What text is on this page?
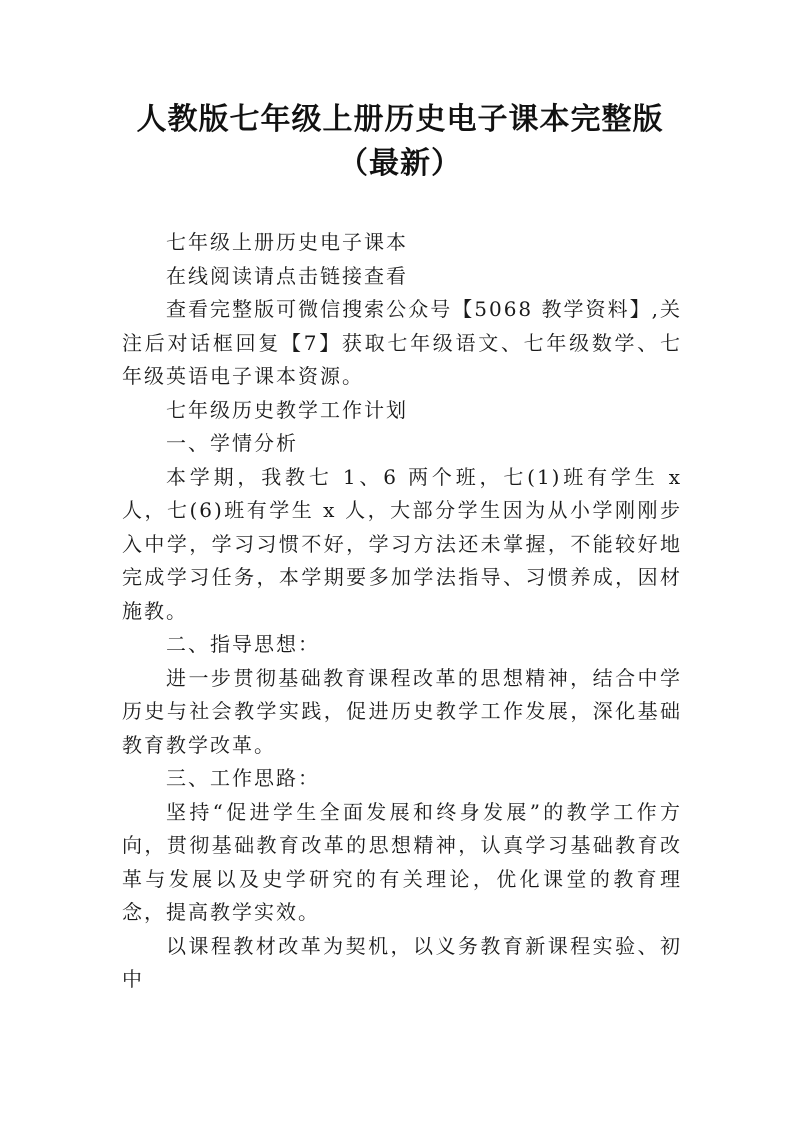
人教版七年级上册历史电子课本完整版（最新）

七年级上册历史电子课本

在线阅读请点击链接查看

查看完整版可微信搜索公众号【5068 教学资料】,关注后对话框回复【7】获取七年级语文、七年级数学、七年级英语电子课本资源。

七年级历史教学工作计划

一、学情分析

本学期，我教七 1、6 两个班，七(1)班有学生 x 人，七(6)班有学生 x 人，大部分学生因为从小学刚刚步入中学，学习习惯不好，学习方法还未掌握，不能较好地完成学习任务，本学期要多加学法指导、习惯养成，因材施教。

二、指导思想：

进一步贯彻基础教育课程改革的思想精神，结合中学历史与社会教学实践，促进历史教学工作发展，深化基础教育教学改革。

三、工作思路：

坚持“促进学生全面发展和终身发展”的教学工作方向，贯彻基础教育改革的思想精神，认真学习基础教育改革与发展以及史学研究的有关理论，优化课堂的教育理念，提高教学实效。

以课程教材改革为契机，以义务教育新课程实验、初中
